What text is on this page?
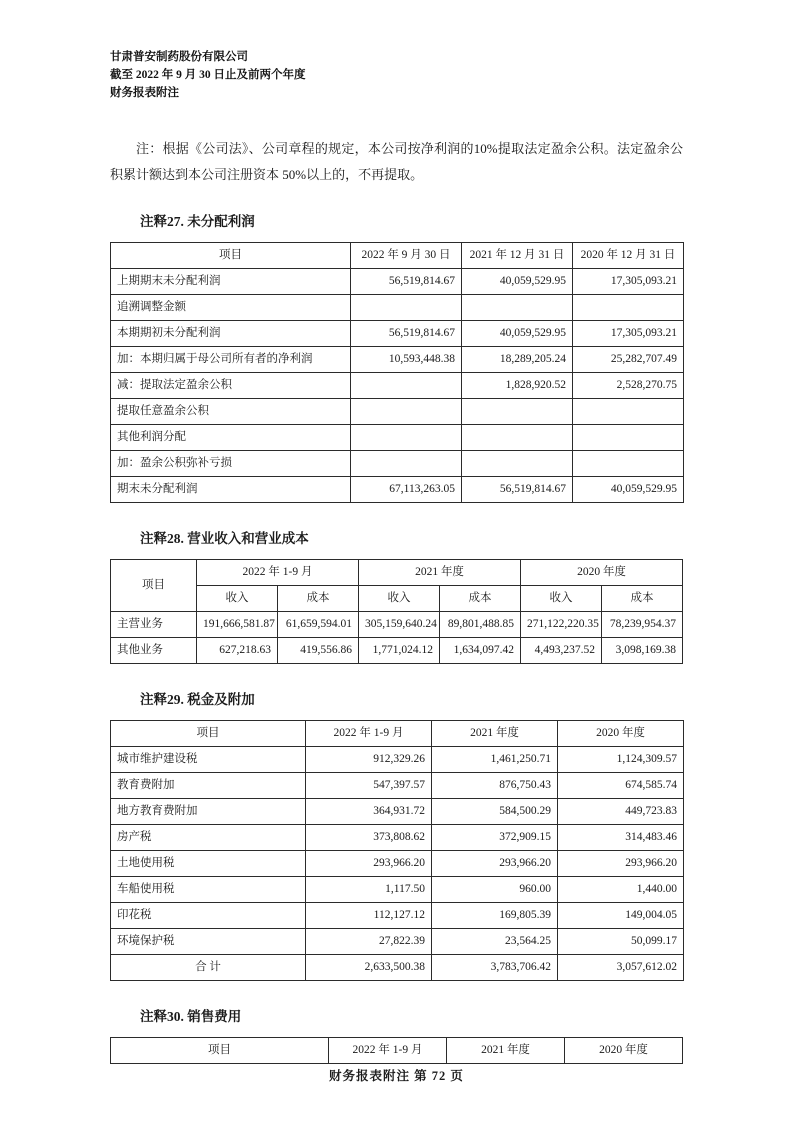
甘肃普安制药股份有限公司
截至 2022 年 9 月 30 日止及前两个年度
财务报表附注

注：根据《公司法》、公司章程的规定，本公司按净利润的10%提取法定盈余公积。法定盈余公积累计额达到本公司注册资本 50%以上的，不再提取。

注释27. 未分配利润
项目	2022 年 9 月 30 日	2021 年 12 月 31 日	2020 年 12 月 31 日
上期期末未分配利润	56,519,814.67	40,059,529.95	17,305,093.21
追溯调整金额			
本期期初未分配利润	56,519,814.67	40,059,529.95	17,305,093.21
加：本期归属于母公司所有者的净利润	10,593,448.38	18,289,205.24	25,282,707.49
减：提取法定盈余公积		1,828,920.52	2,528,270.75
提取任意盈余公积			
其他利润分配			
加：盈余公积弥补亏损			
期末未分配利润	67,113,263.05	56,519,814.67	40,059,529.95
注释28. 营业收入和营业成本
项目	2022 年 1-9 月		2021 年度		2020 年度	
	收入	成本	收入	成本	收入	成本
主营业务	191,666,581.87	61,659,594.01	305,159,640.24	89,801,488.85	271,122,220.35	78,239,954.37
其他业务	627,218.63	419,556.86	1,771,024.12	1,634,097.42	4,493,237.52	3,098,169.38
注释29. 税金及附加
项目	2022 年 1-9 月	2021 年度	2020 年度
城市维护建设税	912,329.26	1,461,250.71	1,124,309.57
教育费附加	547,397.57	876,750.43	674,585.74
地方教育费附加	364,931.72	584,500.29	449,723.83
房产税	373,808.62	372,909.15	314,483.46
土地使用税	293,966.20	293,966.20	293,966.20
车船使用税	1,117.50	960.00	1,440.00
印花税	112,127.12	169,805.39	149,004.05
环境保护税	27,822.39	23,564.25	50,099.17
合 计	2,633,500.38	3,783,706.42	3,057,612.02
注释30. 销售费用
项目	2022 年 1-9 月	2021 年度	2020 年度
财务报表附注 第 72 页
